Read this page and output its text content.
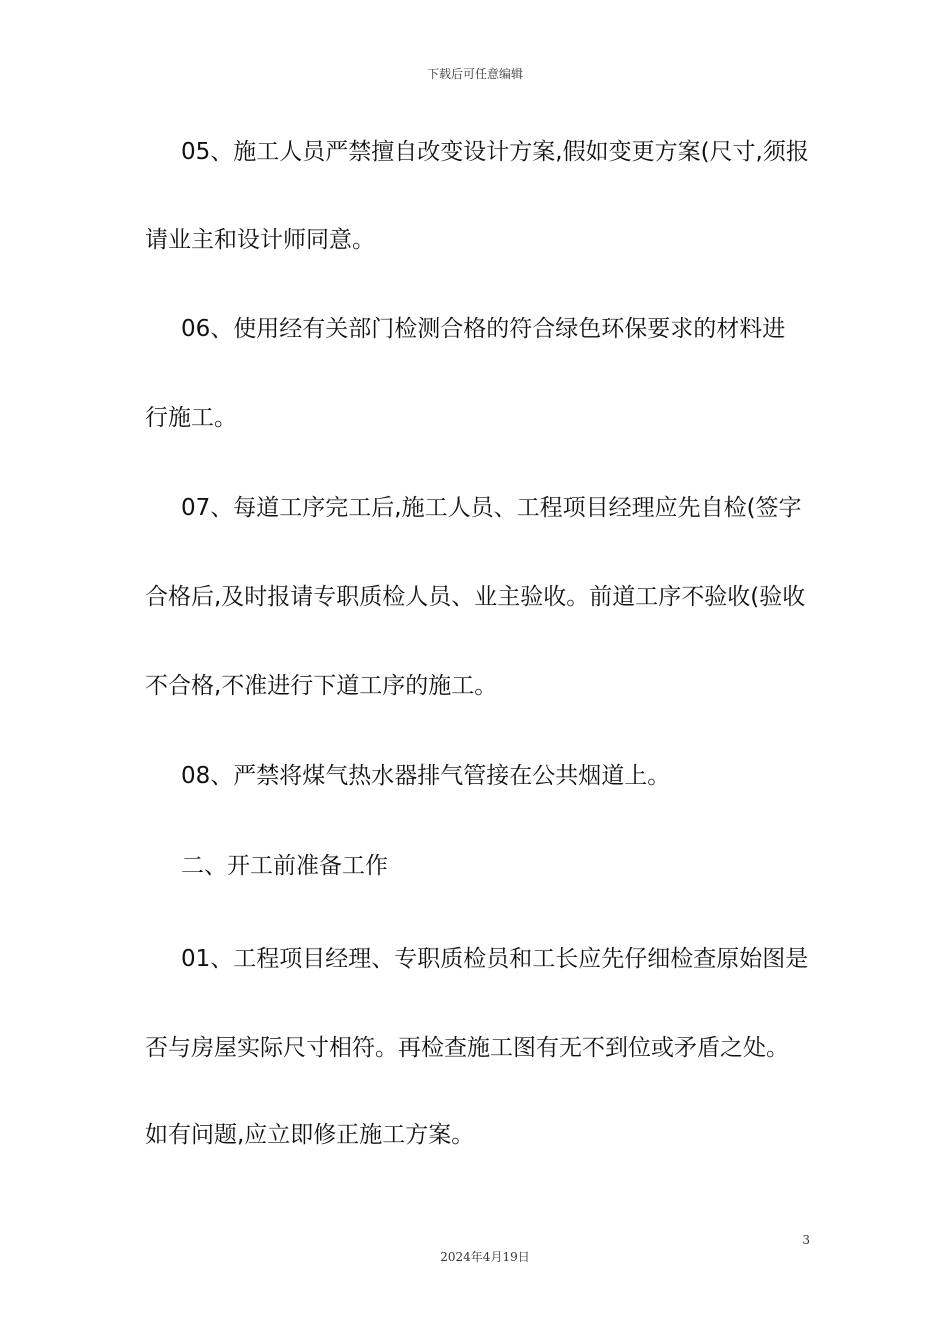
下载后可任意编辑
05、施工人员严禁擅自改变设计方案,假如变更方案(尺寸,须报
请业主和设计师同意。
06、使用经有关部门检测合格的符合绿色环保要求的材料进
行施工。
07、每道工序完工后,施工人员、工程项目经理应先自检(签字
合格后,及时报请专职质检人员、业主验收。前道工序不验收(验收
不合格,不准进行下道工序的施工。
08、严禁将煤气热水器排气管接在公共烟道上。
二、开工前准备工作
01、工程项目经理、专职质检员和工长应先仔细检查原始图是
否与房屋实际尺寸相符。再检查施工图有无不到位或矛盾之处。
如有问题,应立即修正施工方案。
3
2024年4月19日
